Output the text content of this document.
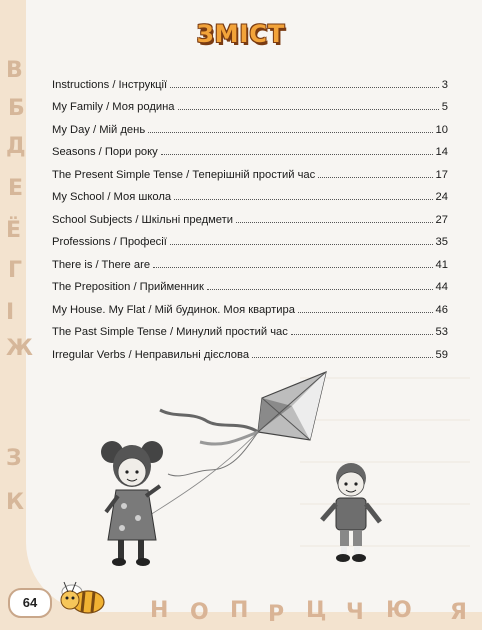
В
Б
Д
Е
Ё
Г
І
Ж
З
К
ЗМІСТ
Instructions / Інструкції	3
My Family / Моя родина	5
My Day / Мій день	10
Seasons / Пори року	14
The Present Simple Tense / Теперішній простий час	17
My School / Моя школа	24
School Subjects / Шкільні предмети	27
Professions / Професії	35
There is / There are	41
The Preposition / Прийменник	44
My House. My Flat / Мій будинок. Моя квартира	46
The Past Simple Tense / Минулий простий час	53
Irregular Verbs / Неправильні дієслова	59
64	Н О П Р Ц Ч Ю Я
